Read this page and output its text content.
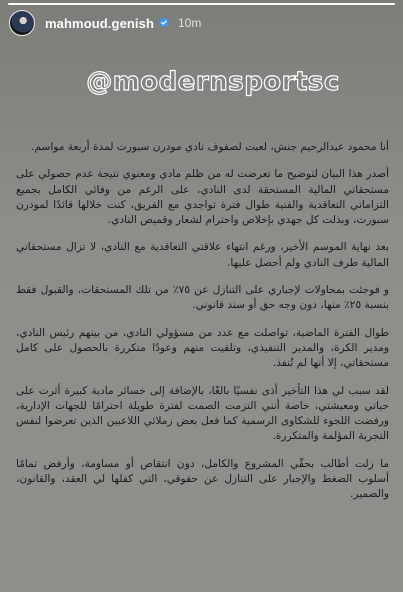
mahmoud.genish 10m
@modernsportsc

أنا محمود عبدالرحيم جنش، لعبت لصفوف نادي مودرن سبورت لمدة أربعة مواسم.

أصدر هذا البيان لتوضيح ما تعرضت له من ظلم مادي ومعنوي نتيجة عدم حصولي على مستحقاتي المالية المستحقة لدى النادي، على الرغم من وفائي الكامل بجميع التزاماتي التعاقدية والفنية طوال فترة تواجدي مع الفريق، كنت خلالها قائدًا لمودرن سبورت، وبذلت كل جهدي بإخلاص واحترام لشعار وقميص النادي.

بعد نهاية الموسم الأخير، ورغم انتهاء علاقتي التعاقدية مع النادي، لا تزال مستحقاتي المالية طرف النادي ولم أحصل عليها.

و فوجئت بمحاولات لإجباري على التنازل عن ٧٥٪ من تلك المستحقات، والقبول فقط بنسبة ٢٥٪ منها، دون وجه حق أو سند قانوني.

طوال الفترة الماضية، تواصلت مع عدد من مسؤولي النادي، من بينهم رئيس النادي، ومدير الكرة، والمدير التنفيذي، وتلقيت منهم وعودًا متكررة بالحصول على كامل مستحقاتي، إلا أنها لم تُنفذ.

لقد سبب لي هذا التأخير أذى نفسيًا بالغًا، بالإضافة إلى خسائر مادية كبيرة أثرت على حياتي ومعيشتي، خاصة أنني التزمت الصمت لفترة طويلة احترامًا للجهات الإدارية، ورفضت اللجوء للشكاوى الرسمية كما فعل بعض زملائي اللاعبين الذين تعرضوا لنفس التجربة المؤلمة والمتكررة.

ما زلت أطالب بحقّي المشروع والكامل، دون انتقاص أو مساومة، وأرفض تمامًا أسلوب الضغط والإجبار على التنازل عن حقوقي، التي كفلها لي العقد، والقانون، والضمير.
